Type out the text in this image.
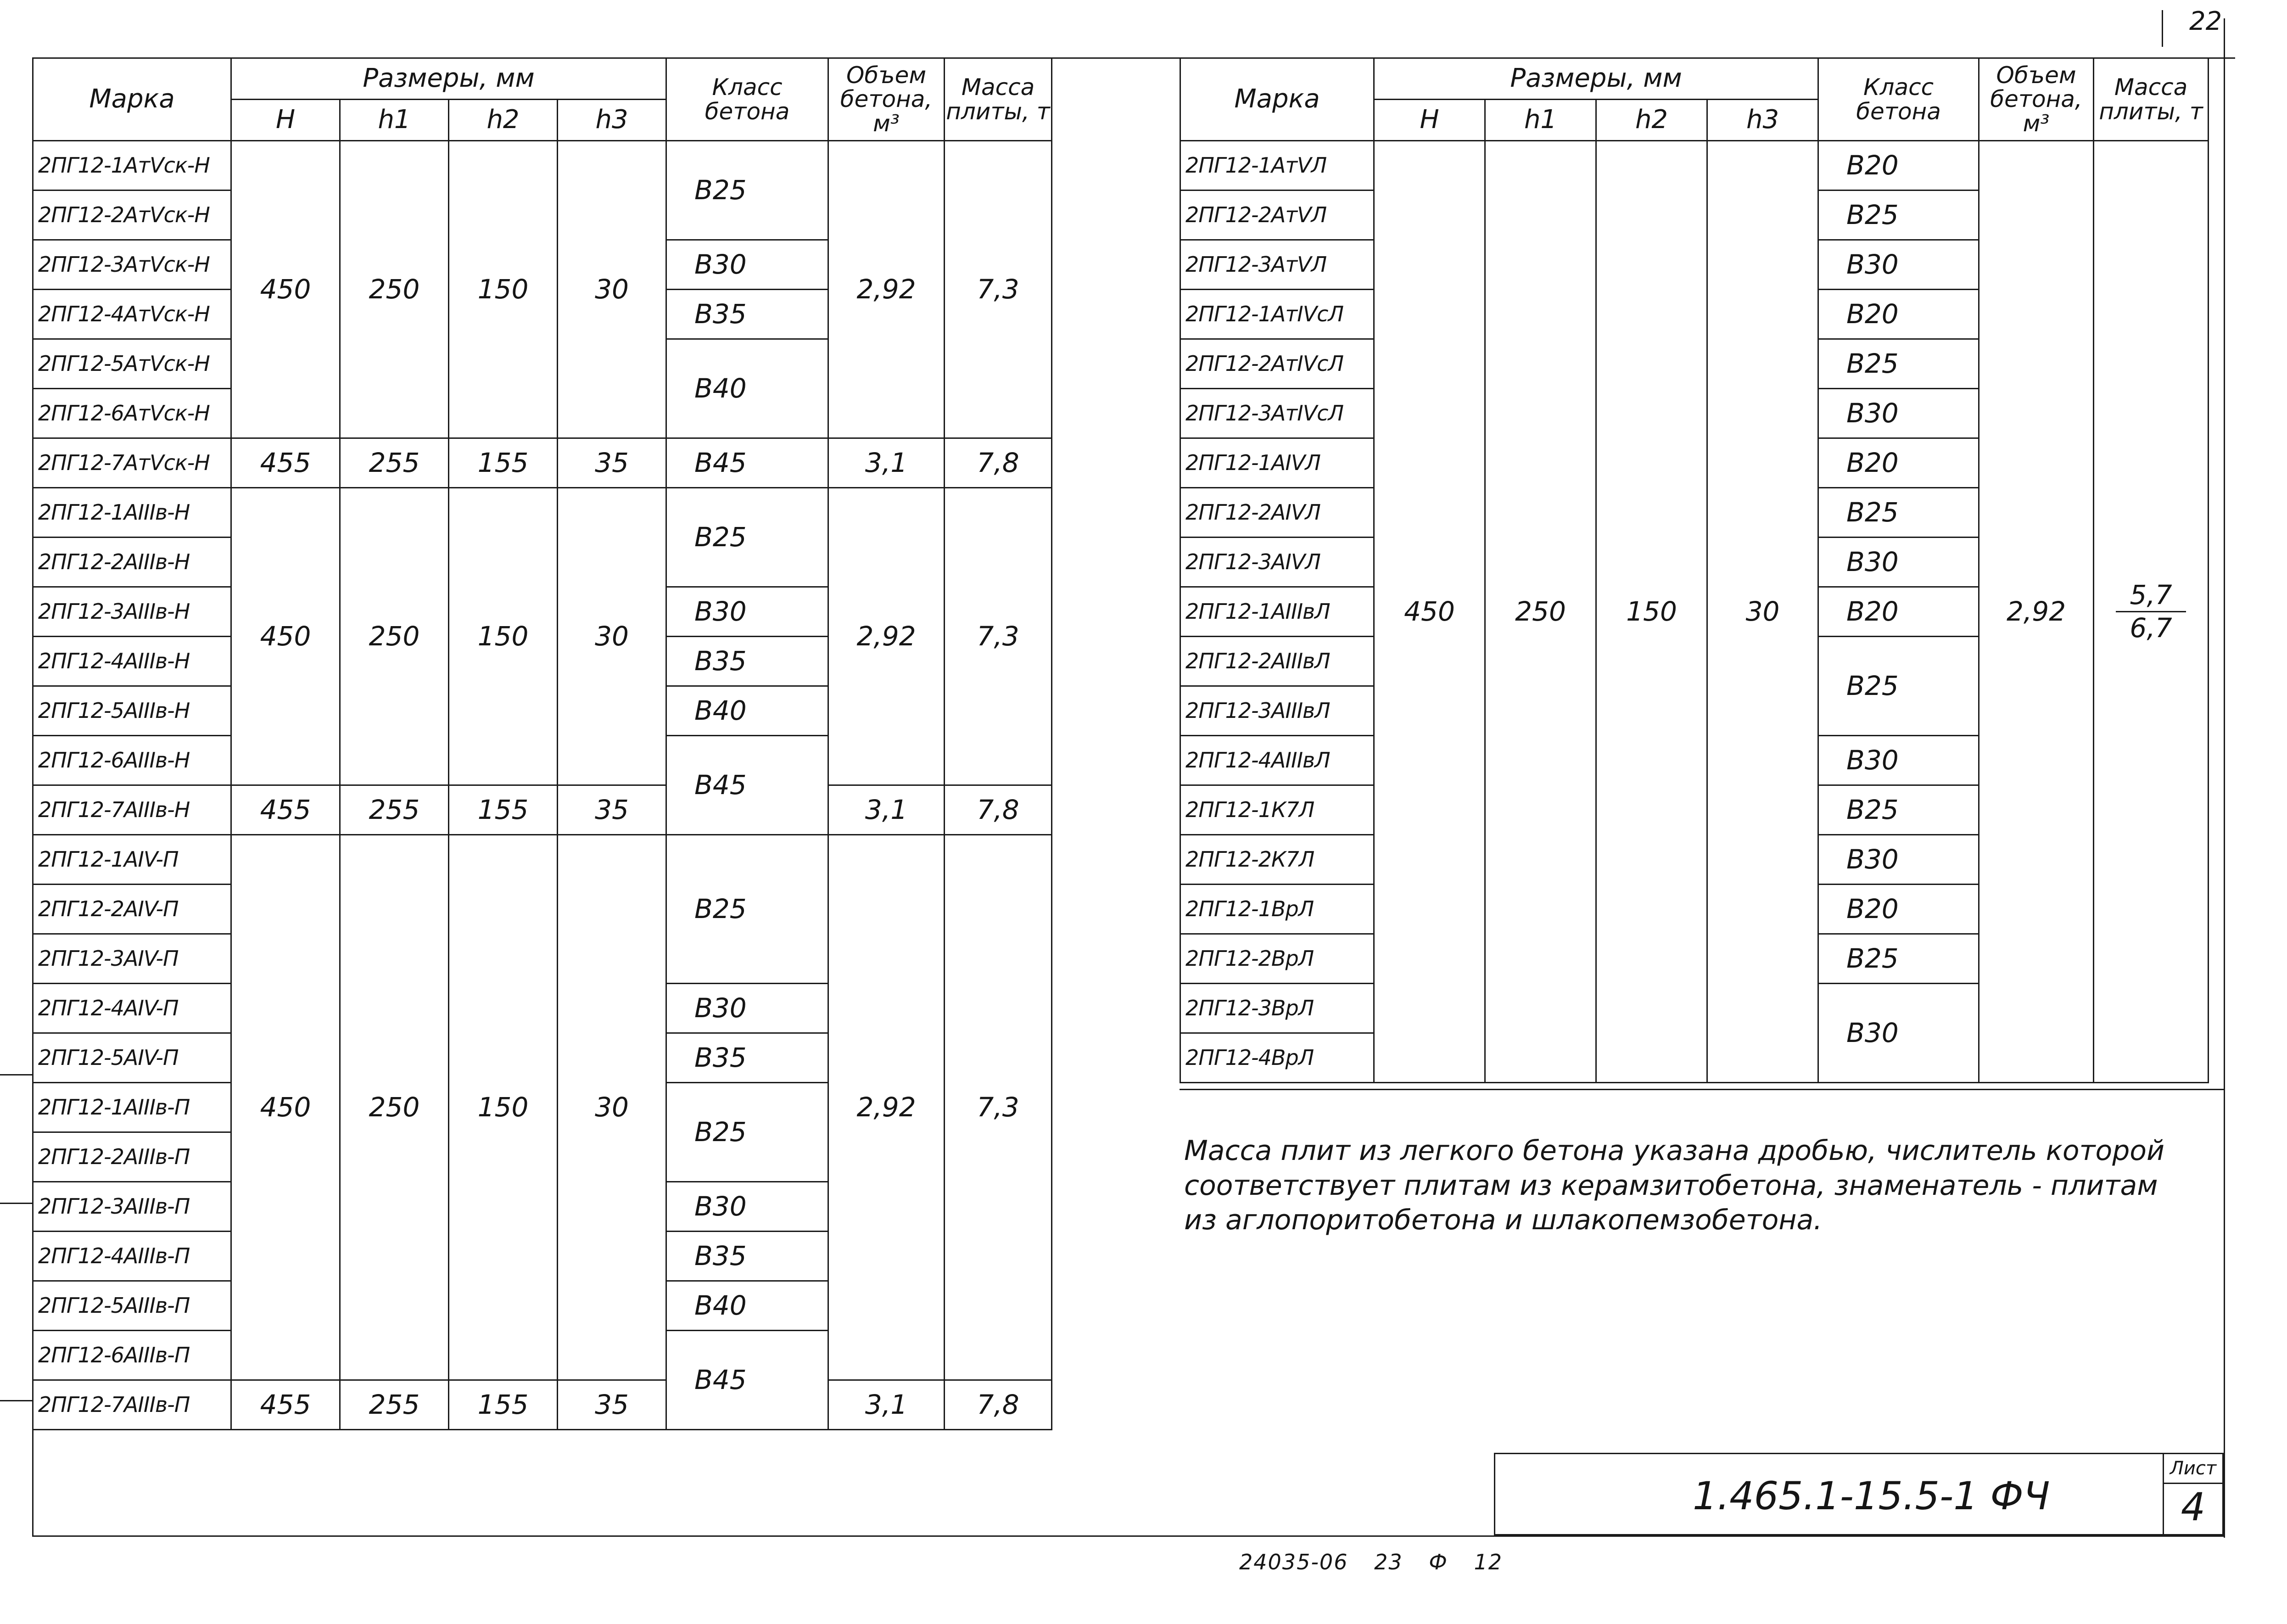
22
Марка	Размеры, мм				Класс бетона	Объем бетона, м³	Масса плиты, т
	H	h1	h2	h3			
2ПГ12-1АтVск-Н	450	250	150	30	В25	2,92	7,3
2ПГ12-2АтVск-Н							
2ПГ12-3АтVск-Н					В30		
2ПГ12-4АтVск-Н					В35		
2ПГ12-5АтVск-Н					В40		
2ПГ12-6АтVск-Н							
2ПГ12-7АтVск-Н	455	255	155	35	В45	3,1	7,8
2ПГ12-1АIIIв-Н	450	250	150	30	В25	2,92	7,3
2ПГ12-2АIIIв-Н							
2ПГ12-3АIIIв-Н					В30		
2ПГ12-4АIIIв-Н					В35		
2ПГ12-5АIIIв-Н					В40		
2ПГ12-6АIIIв-Н					В45		
2ПГ12-7АIIIв-Н	455	255	155	35		3,1	7,8
2ПГ12-1АIV-П	450	250	150	30	В25	2,92	7,3
2ПГ12-2АIV-П							
2ПГ12-3АIV-П							
2ПГ12-4АIV-П					В30		
2ПГ12-5АIV-П					В35		
2ПГ12-1АIIIв-П					В25		
2ПГ12-2АIIIв-П							
2ПГ12-3АIIIв-П					В30		
2ПГ12-4АIIIв-П					В35		
2ПГ12-5АIIIв-П					В40		
2ПГ12-6АIIIв-П					В45		
2ПГ12-7АIIIв-П	455	255	155	35		3,1	7,8
Марка	Размеры, мм				Класс бетона	Объем бетона, м³	Масса плиты, т
	H	h1	h2	h3			
2ПГ12-1АтVЛ	450	250	150	30	В20	2,92	$\frac{5,7}{6,7}$

2ПГ12-2АтVЛ					В25		
2ПГ12-3АтVЛ					В30		
2ПГ12-1АтIVсЛ					В20		
2ПГ12-2АтIVсЛ					В25		
2ПГ12-3АтIVсЛ					В30		
2ПГ12-1АIVЛ					В20		
2ПГ12-2АIVЛ					В25		
2ПГ12-3АIVЛ					В30		
2ПГ12-1АIIIвЛ					В20		
2ПГ12-2АIIIвЛ					В25		
2ПГ12-3АIIIвЛ							
2ПГ12-4АIIIвЛ					В30		
2ПГ12-1К7Л					В25		
2ПГ12-2К7Л					В30		
2ПГ12-1ВрЛ					В20		
2ПГ12-2ВрЛ					В25		
2ПГ12-3ВрЛ					В30		
2ПГ12-4ВрЛ							
Масса плит из легкого бетона указана дробью, числитель которой соответствует плитам из керамзитобетона, знаменатель - плитам из аглопоритобетона и шлакопемзобетона.
1.465.1-15.5-1 ФЧ
Лист
4
24035-06 23 Ф 12
